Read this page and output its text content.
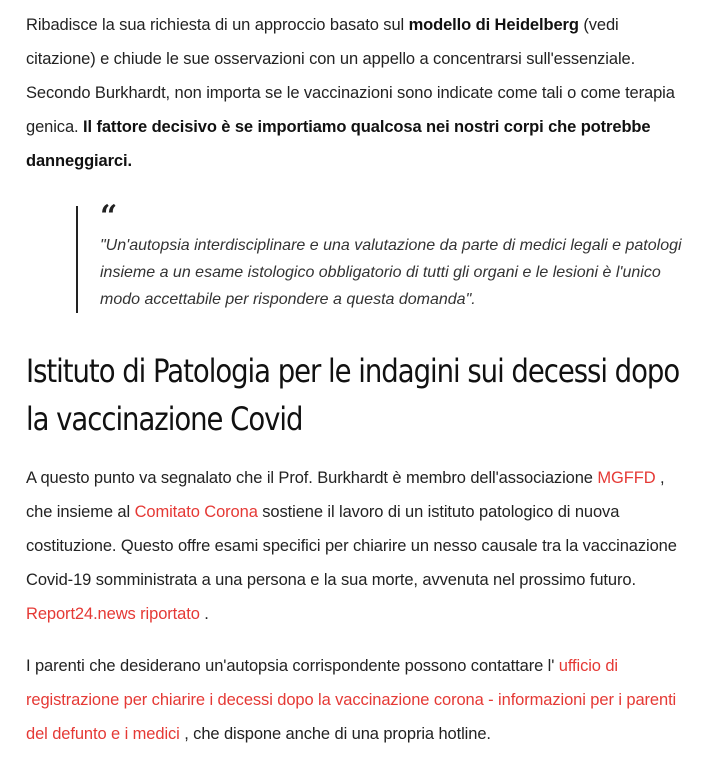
Ribadisce la sua richiesta di un approccio basato sul modello di Heidelberg (vedi citazione) e chiude le sue osservazioni con un appello a concentrarsi sull'essenziale. Secondo Burkhardt, non importa se le vaccinazioni sono indicate come tali o come terapia genica. Il fattore decisivo è se importiamo qualcosa nei nostri corpi che potrebbe danneggiarci.

“

"Un'autopsia interdisciplinare e una valutazione da parte di medici legali e patologi insieme a un esame istologico obbligatorio di tutti gli organi e le lesioni è l'unico modo accettabile per rispondere a questa domanda".

Istituto di Patologia per le indagini sui decessi dopo la vaccinazione Covid

A questo punto va segnalato che il Prof. Burkhardt è membro dell'associazione MGFFD , che insieme al Comitato Corona sostiene il lavoro di un istituto patologico di nuova costituzione. Questo offre esami specifici per chiarire un nesso causale tra la vaccinazione Covid-19 somministrata a una persona e la sua morte, avvenuta nel prossimo futuro. Report24.news riportato .

I parenti che desiderano un'autopsia corrispondente possono contattare l' ufficio di registrazione per chiarire i decessi dopo la vaccinazione corona - informazioni per i parenti del defunto e i medici , che dispone anche di una propria hotline.
